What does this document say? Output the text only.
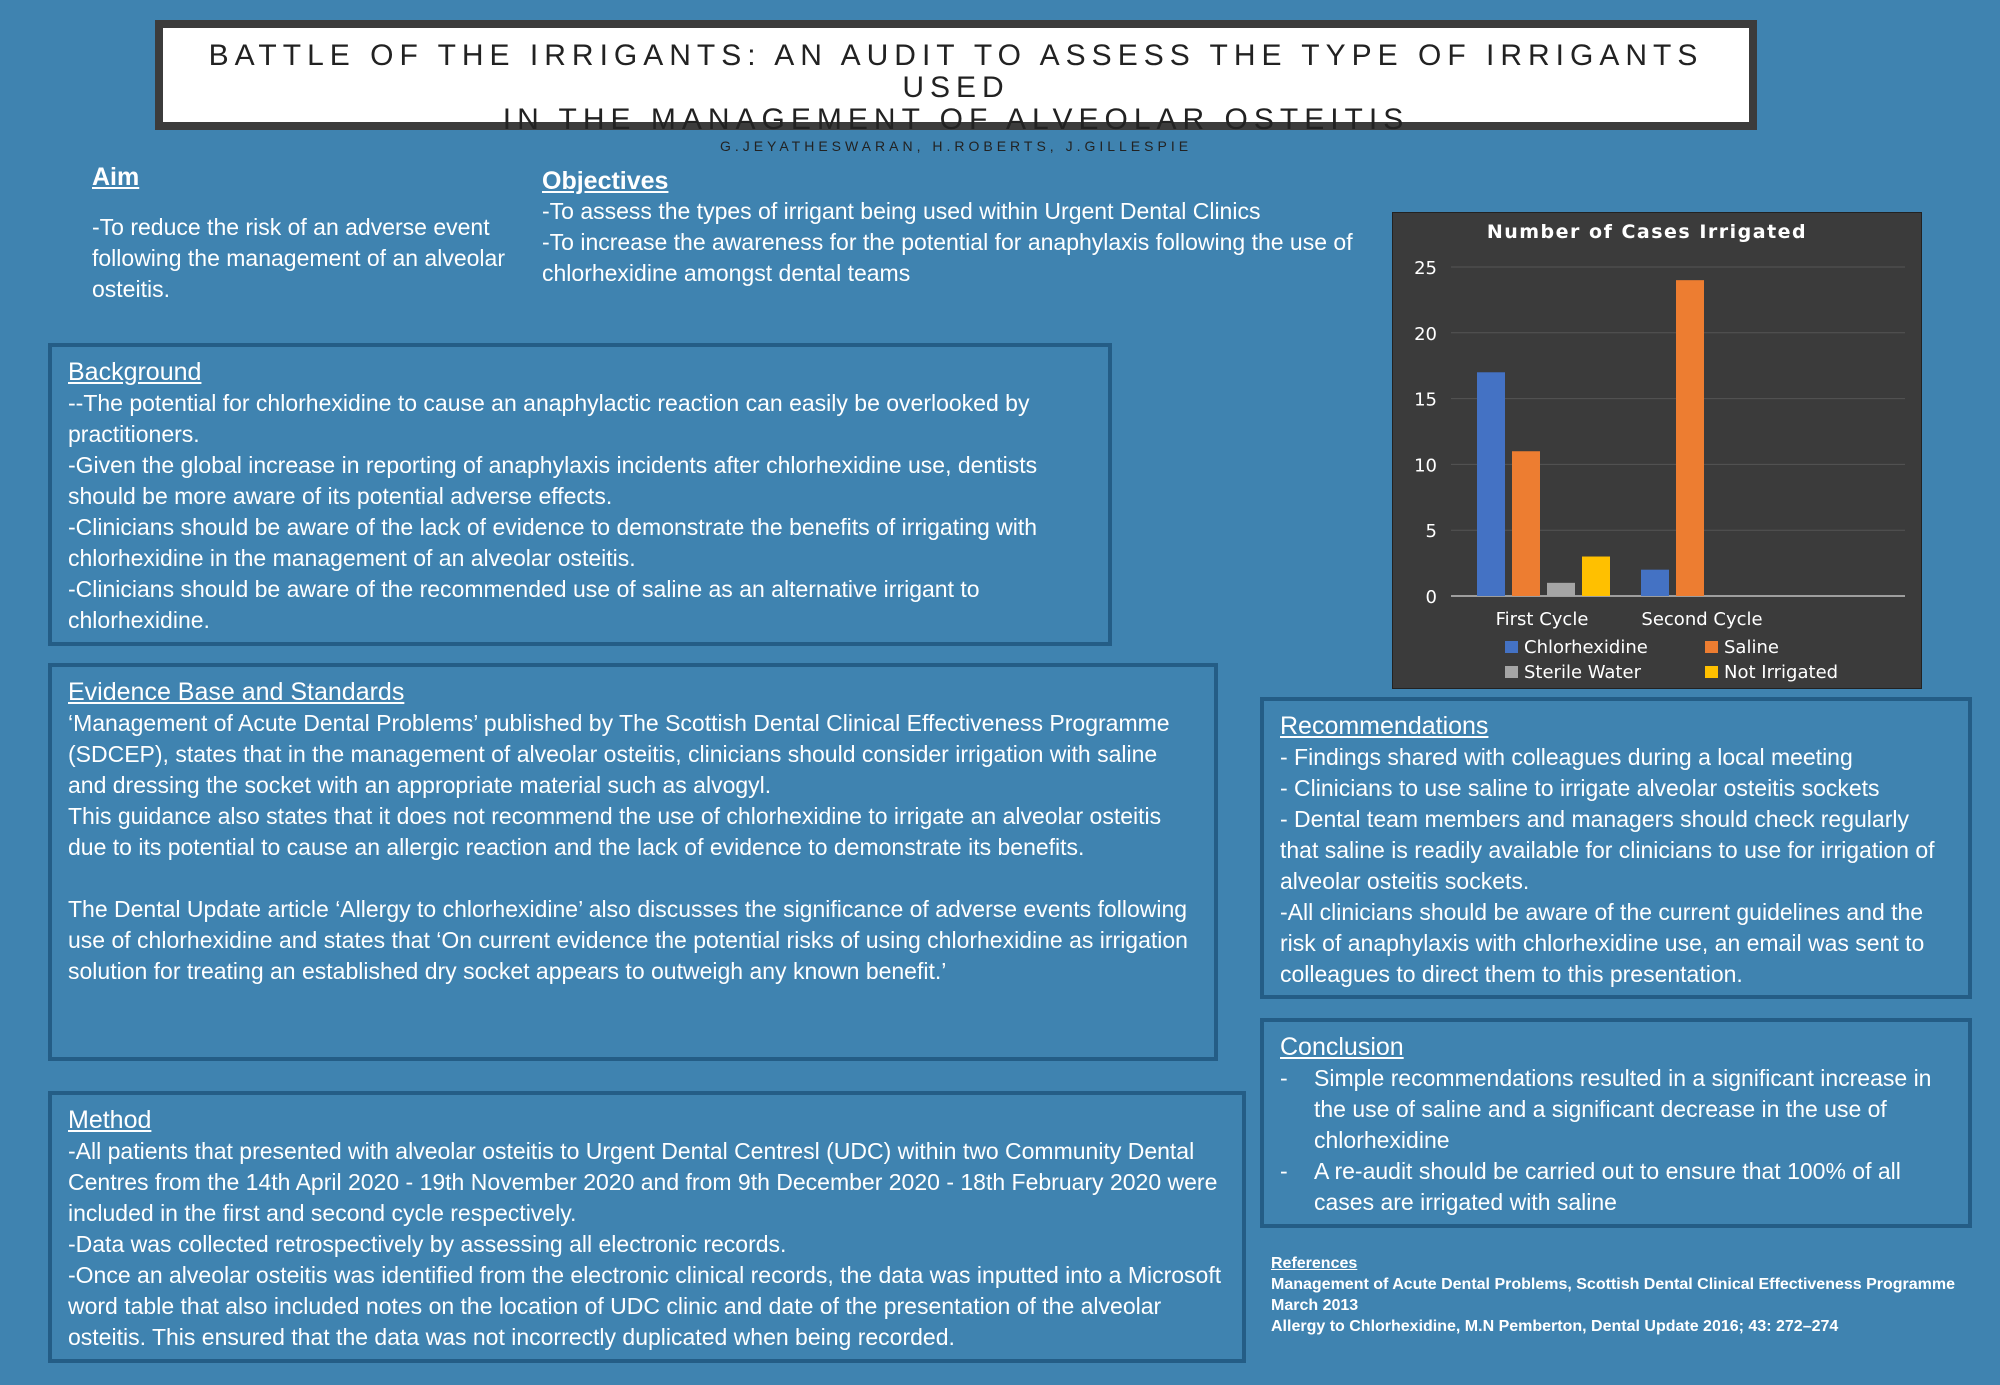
BATTLE OF THE IRRIGANTS: AN AUDIT TO ASSESS THE TYPE OF IRRIGANTS USED
IN THE MANAGEMENT OF ALVEOLAR OSTEITIS
G.JEYATHESWARAN, H.ROBERTS, J.GILLESPIE
Aim
-To reduce the risk of an adverse event following the management of an alveolar osteitis.
Objectives
-To assess the types of irrigant being used within Urgent Dental Clinics
-To increase the awareness for the potential for anaphylaxis following the use of chlorhexidine amongst dental teams
Number of Cases Irrigated
0
5
10
15
20
25
First Cycle	Second Cycle
Chlorhexidine	Saline
Sterile Water	Not Irrigated
Background
--The potential for chlorhexidine to cause an anaphylactic reaction can easily be overlooked by practitioners.
-Given the global increase in reporting of anaphylaxis incidents after chlorhexidine use, dentists should be more aware of its potential adverse effects.
-Clinicians should be aware of the lack of evidence to demonstrate the benefits of irrigating with chlorhexidine in the management of an alveolar osteitis.
-Clinicians should be aware of the recommended use of saline as an alternative irrigant to chlorhexidine.
Evidence Base and Standards
‘Management of Acute Dental Problems’ published by The Scottish Dental Clinical Effectiveness Programme (SDCEP), states that in the management of alveolar osteitis, clinicians should consider irrigation with saline and dressing the socket with an appropriate material such as alvogyl.
This guidance also states that it does not recommend the use of chlorhexidine to irrigate an alveolar osteitis due to its potential to cause an allergic reaction and the lack of evidence to demonstrate its benefits.
The Dental Update article ‘Allergy to chlorhexidine’ also discusses the significance of adverse events following use of chlorhexidine and states that ‘On current evidence the potential risks of using chlorhexidine as irrigation solution for treating an established dry socket appears to outweigh any known benefit.’
Method
-All patients that presented with alveolar osteitis to Urgent Dental Centresl (UDC) within two Community Dental Centres from the 14th April 2020 - 19th November 2020 and from 9th December 2020 - 18th February 2020 were included in the first and second cycle respectively.
-Data was collected retrospectively by assessing all electronic records.
-Once an alveolar osteitis was identified from the electronic clinical records, the data was inputted into a Microsoft word table that also included notes on the location of UDC clinic and date of the presentation of the alveolar osteitis. This ensured that the data was not incorrectly duplicated when being recorded.
Recommendations
- Findings shared with colleagues during a local meeting
- Clinicians to use saline to irrigate alveolar osteitis sockets
- Dental team members and managers should check regularly that saline is readily available for clinicians to use for irrigation of alveolar osteitis sockets.
-All clinicians should be aware of the current guidelines and the risk of anaphylaxis with chlorhexidine use, an email was sent to colleagues to direct them to this presentation.
Conclusion
- Simple recommendations resulted in a significant increase in the use of saline and a significant decrease in the use of chlorhexidine
- A re-audit should be carried out to ensure that 100% of all cases are irrigated with saline
References
Management of Acute Dental Problems, Scottish Dental Clinical Effectiveness Programme March 2013
Allergy to Chlorhexidine, M.N Pemberton, Dental Update 2016; 43: 272–274
